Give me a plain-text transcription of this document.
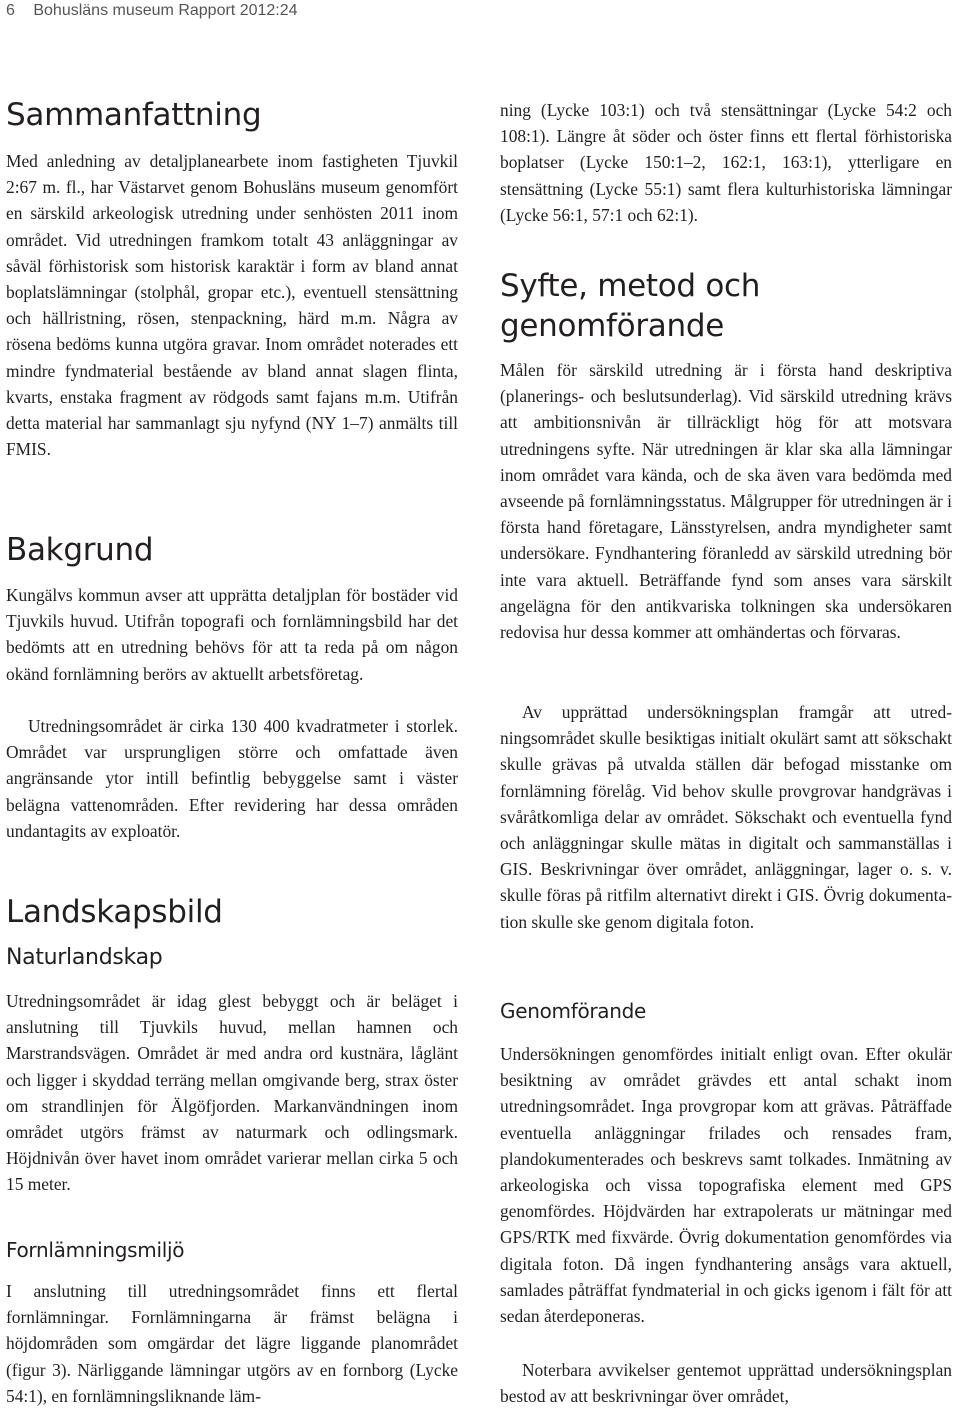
6 Bohusläns museum Rapport 2012:24
Sammanfattning

Med anledning av detaljplanearbete inom fastigheten Tjuvkil 2:67 m. fl., har Västarvet genom Bohusläns museum genomfört en särskild arkeologisk utredning under senhösten 2011 inom området. Vid utredningen framkom totalt 43 anläggningar av såväl förhistorisk som historisk karaktär i form av bland annat boplatslämningar (stolphål, gropar etc.), eventuell stensättning och hällristning, rösen, stenpackning, härd m.m. Några av rösena bedöms kunna utgöra gravar. Inom området noterades ett mindre fyndmaterial bestående av bland annat slagen flinta, kvarts, enstaka fragment av rödgods samt fajans m.m. Utifrån detta material har sammanlagt sju nyfynd (NY 1–7) anmälts till FMIS.

Bakgrund

Kungälvs kommun avser att upprätta detaljplan för bostäder vid Tjuvkils huvud. Utifrån topografi och fornlämningsbild har det bedömts att en utredning behövs för att ta reda på om någon okänd fornlämning berörs av aktuellt arbetsföretag.

Utredningsområdet är cirka 130 400 kvadratmeter i storlek. Området var ursprungligen större och omfattade även angränsande ytor intill befintlig bebyggelse samt i väster belägna vattenområden. Efter revidering har dessa områden undantagits av exploatör.

Landskapsbild
Naturlandskap

Utredningsområdet är idag glest bebyggt och är beläget i anslutning till Tjuvkils huvud, mellan hamnen och Marstrandsvägen. Området är med andra ord kustnära, låglänt och ligger i skyddad terräng mellan omgivande berg, strax öster om strandlinjen för Älgöfjorden. Markanvändningen inom området utgörs främst av naturmark och odlingsmark. Höjdnivån över havet inom området varierar mellan cirka 5 och 15 meter.

Fornlämningsmiljö

I anslutning till utredningsområdet finns ett flertal fornlämningar. Fornlämningarna är främst belägna i höjdområden som omgärdar det lägre liggande planområdet (figur 3). Närliggande lämningar utgörs av en fornborg (Lycke 54:1), en fornlämningsliknande läm-

ning (Lycke 103:1) och två stensättningar (Lycke 54:2 och 108:1). Längre åt söder och öster finns ett flertal förhistoriska boplatser (Lycke 150:1–2, 162:1, 163:1), ytterligare en stensättning (Lycke 55:1) samt flera kulturhistoriska lämningar (Lycke 56:1, 57:1 och 62:1).

Syfte, metod och genomförande

Målen för särskild utredning är i första hand deskriptiva (planerings- och beslutsunderlag). Vid särskild utredning krävs att ambitionsnivån är tillräckligt hög för att motsvara utredningens syfte. När utredningen är klar ska alla lämningar inom området vara kända, och de ska även vara bedömda med avseende på fornlämningsstatus. Målgrupper för utredningen är i första hand företagare, Länsstyrelsen, andra myndigheter samt undersökare. Fyndhantering föranledd av särskild utredning bör inte vara aktuell. Beträffande fynd som anses vara särskilt angelägna för den antikvariska tolkningen ska undersökaren redovisa hur dessa kommer att omhändertas och förvaras.

Av upprättad undersökningsplan framgår att utredningsområdet skulle besiktigas initialt okulärt samt att sökschakt skulle grävas på utvalda ställen där befogad misstanke om fornlämning förelåg. Vid behov skulle provgrovar handgrävas i svåråtkomliga delar av området. Sökschakt och eventuella fynd och anläggningar skulle mätas in digitalt och sammanställas i GIS. Beskrivningar över området, anläggningar, lager o. s. v. skulle föras på ritfilm alternativt direkt i GIS. Övrig dokumentation skulle ske genom digitala foton.

Genomförande

Undersökningen genomfördes initialt enligt ovan. Efter okulär besiktning av området grävdes ett antal schakt inom utredningsområdet. Inga provgropar kom att grävas. Påträffade eventuella anläggningar frilades och rensades fram, plandokumenterades och beskrevs samt tolkades. Inmätning av arkeologiska och vissa topografiska element med GPS genomfördes. Höjdvärden har extrapolerats ur mätningar med GPS/RTK med fixvärde. Övrig dokumentation genomfördes via digitala foton. Då ingen fyndhantering ansågs vara aktuell, samlades påträffat fyndmaterial in och gicks igenom i fält för att sedan återdeponeras.

Noterbara avvikelser gentemot upprättad undersökningsplan bestod av att beskrivningar över området,
